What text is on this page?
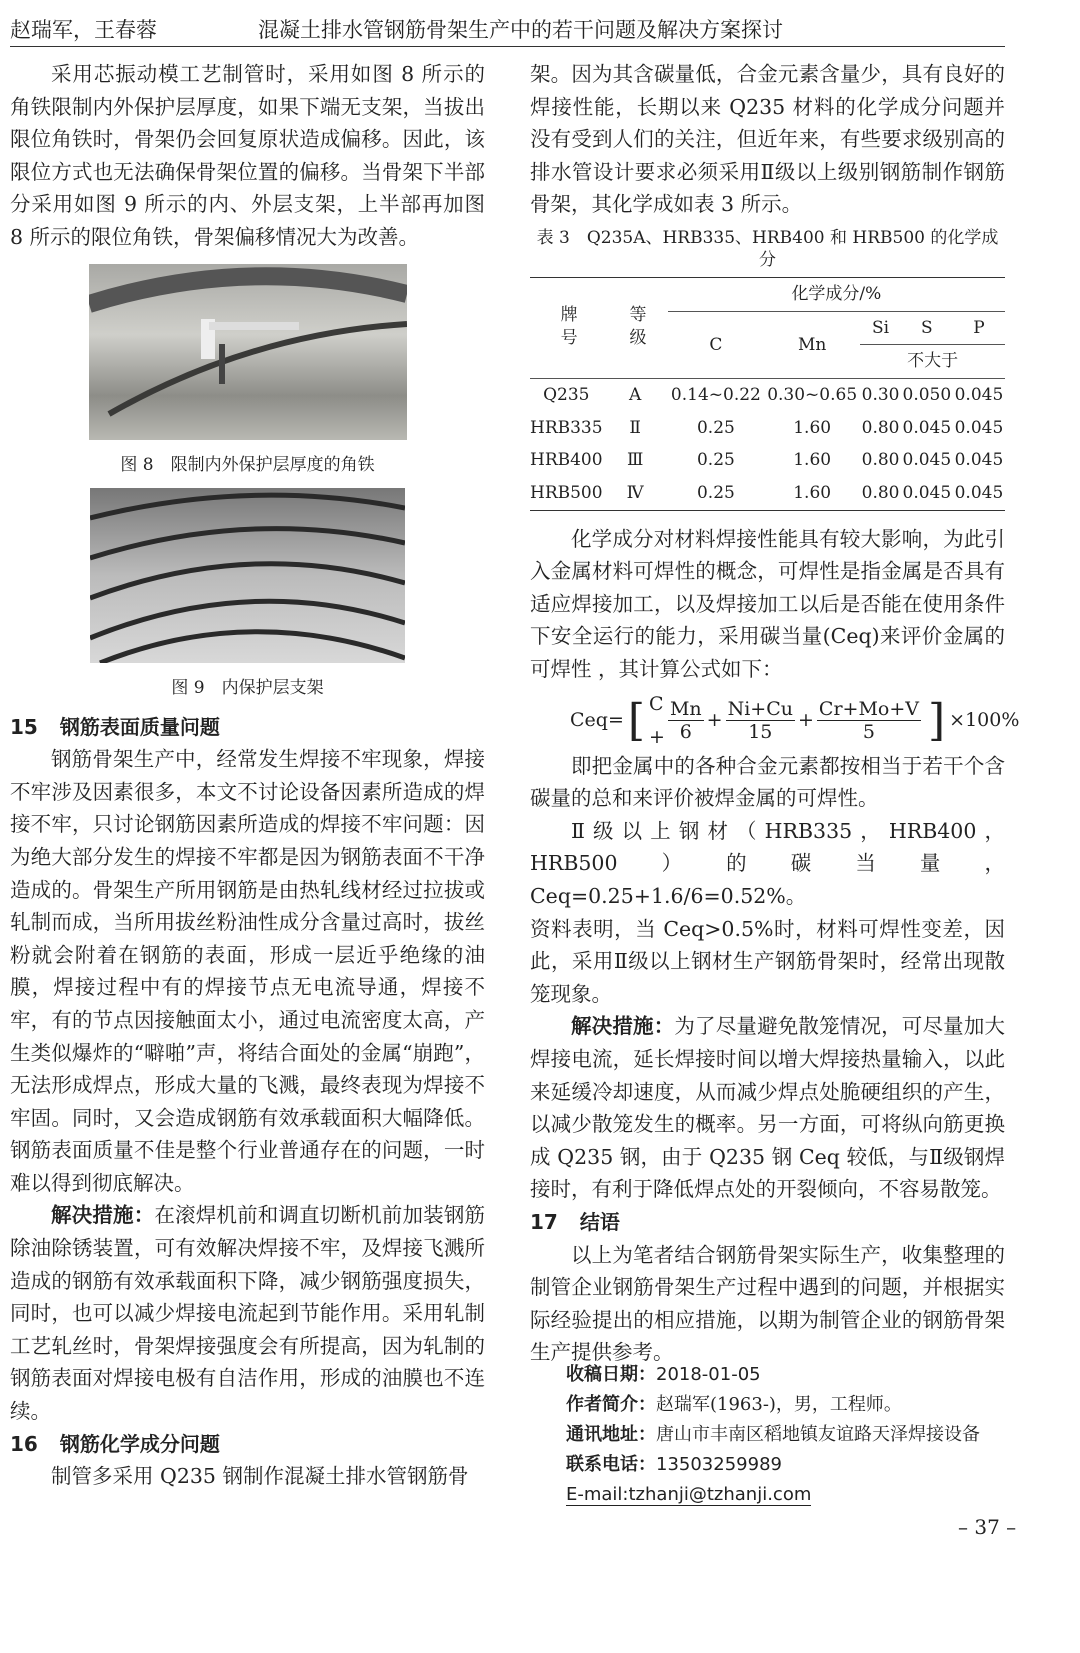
赵瑞军，王春蓉	混凝土排水管钢筋骨架生产中的若干问题及解决方案探讨

采用芯振动模工艺制管时，采用如图 8 所示的角铁限制内外保护层厚度，如果下端无支架，当拔出限位角铁时，骨架仍会回复原状造成偏移。因此，该限位方式也无法确保骨架位置的偏移。当骨架下半部分采用如图 9 所示的内、外层支架，上半部再加图 8 所示的限位角铁，骨架偏移情况大为改善。

图 8　限制内外保护层厚度的角铁
图 9　内保护层支架
15 钢筋表面质量问题

钢筋骨架生产中，经常发生焊接不牢现象，焊接不牢涉及因素很多，本文不讨论设备因素所造成的焊接不牢，只讨论钢筋因素所造成的焊接不牢问题：因为绝大部分发生的焊接不牢都是因为钢筋表面不干净造成的。骨架生产所用钢筋是由热轧线材经过拉拔或轧制而成，当所用拔丝粉油性成分含量过高时，拔丝粉就会附着在钢筋的表面，形成一层近乎绝缘的油膜，焊接过程中有的焊接节点无电流导通，焊接不牢，有的节点因接触面太小，通过电流密度太高，产生类似爆炸的“噼啪”声，将结合面处的金属“崩跑”，无法形成焊点，形成大量的飞溅，最终表现为焊接不牢固。同时，又会造成钢筋有效承载面积大幅降低。钢筋表面质量不佳是整个行业普通存在的问题，一时难以得到彻底解决。

解决措施：在滚焊机前和调直切断机前加装钢筋除油除锈装置，可有效解决焊接不牢，及焊接飞溅所造成的钢筋有效承载面积下降，减少钢筋强度损失，同时，也可以减少焊接电流起到节能作用。采用轧制工艺轧丝时，骨架焊接强度会有所提高，因为轧制的钢筋表面对焊接电极有自洁作用，形成的油膜也不连续。

16 钢筋化学成分问题

制管多采用 Q235 钢制作混凝土排水管钢筋骨

架。因为其含碳量低，合金元素含量少，具有良好的焊接性能，长期以来 Q235 材料的化学成分问题并没有受到人们的关注，但近年来，有些要求级别高的排水管设计要求必须采用Ⅱ级以上级别钢筋制作钢筋骨架，其化学成如表 3 所示。

表 3　Q235A、HRB335、HRB400 和 HRB500 的化学成分
牌号	等级	化学成分/%				
		C	Mn	Si	S	P
				不大于		

Q235	A	0.14~0.22	0.30~0.65	0.30	0.050	0.045
HRB335	Ⅱ	0.25	1.60	0.80	0.045	0.045
HRB400	Ⅲ	0.25	1.60	0.80	0.045	0.045
HRB500	Ⅳ	0.25	1.60	0.80	0.045	0.045

化学成分对材料焊接性能具有较大影响，为此引入金属材料可焊性的概念，可焊性是指金属是否具有适应焊接加工，以及焊接加工以后是否能在使用条件下安全运行的能力，采用碳当量(Ceq)来评价金属的可焊性 ，其计算公式如下：

Ceq= [ $C + \frac{Mn}{6} + \frac{Ni+Cu}{15} + \frac{Cr+Mo+V}{5}$ ] ×100%

即把金属中的各种合金元素都按相当于若干个含碳量的总和来评价被焊金属的可焊性。

Ⅱ级以上钢材（HRB335，HRB400，HRB500）的碳当量，Ceq=0.25+1.6/6=0.52%。

资料表明，当 Ceq>0.5%时，材料可焊性变差，因此，采用Ⅱ级以上钢材生产钢筋骨架时，经常出现散笼现象。

解决措施：为了尽量避免散笼情况，可尽量加大焊接电流，延长焊接时间以增大焊接热量输入，以此来延缓冷却速度，从而减少焊点处脆硬组织的产生，以减少散笼发生的概率。另一方面，可将纵向筋更换成 Q235 钢，由于 Q235 钢 Ceq 较低，与Ⅱ级钢焊接时，有利于降低焊点处的开裂倾向，不容易散笼。

17 结语

以上为笔者结合钢筋骨架实际生产，收集整理的制管企业钢筋骨架生产过程中遇到的问题，并根据实际经验提出的相应措施，以期为制管企业的钢筋骨架生产提供参考。

收稿日期：2018-01-05
作者简介：赵瑞军(1963-)，男，工程师。
通讯地址：唐山市丰南区稻地镇友谊路天泽焊接设备
联系电话：13503259989
E-mail:tzhanji@tzhanji.com
– 37 –
